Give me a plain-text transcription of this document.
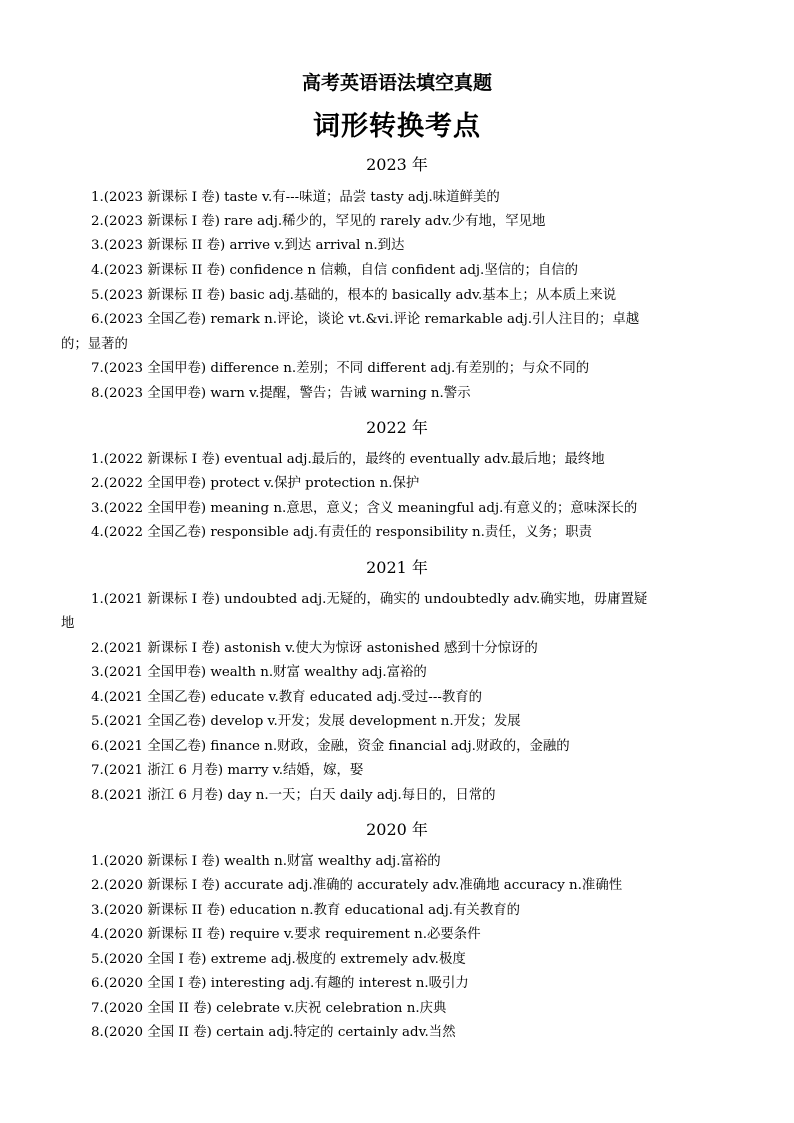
高考英语语法填空真题
词形转换考点
2023 年
1.(2023 新课标 I 卷) taste v.有---味道；品尝 tasty adj.味道鲜美的
2.(2023 新课标 I 卷) rare adj.稀少的，罕见的 rarely adv.少有地，罕见地
3.(2023 新课标 II 卷) arrive v.到达 arrival n.到达
4.(2023 新课标 II 卷) confidence n 信赖，自信 confident adj.坚信的；自信的
5.(2023 新课标 II 卷) basic adj.基础的，根本的 basically adv.基本上；从本质上来说
6.(2023 全国乙卷) remark n.评论，谈论 vt.&vi.评论 remarkable adj.引人注目的；卓越
的；显著的
7.(2023 全国甲卷) difference n.差别；不同 different adj.有差别的；与众不同的
8.(2023 全国甲卷) warn v.提醒，警告；告诫 warning n.警示
2022 年
1.(2022 新课标 I 卷) eventual adj.最后的，最终的 eventually adv.最后地；最终地
2.(2022 全国甲卷) protect v.保护 protection n.保护
3.(2022 全国甲卷) meaning n.意思，意义；含义 meaningful adj.有意义的；意味深长的
4.(2022 全国乙卷) responsible adj.有责任的 responsibility n.责任，义务；职责
2021 年
1.(2021 新课标 I 卷) undoubted adj.无疑的，确实的 undoubtedly adv.确实地，毋庸置疑
地
2.(2021 新课标 I 卷) astonish v.使大为惊讶 astonished 感到十分惊讶的
3.(2021 全国甲卷) wealth n.财富 wealthy adj.富裕的
4.(2021 全国乙卷) educate v.教育 educated adj.受过---教育的
5.(2021 全国乙卷) develop v.开发；发展 development n.开发；发展
6.(2021 全国乙卷) finance n.财政，金融，资金 financial adj.财政的，金融的
7.(2021 浙江 6 月卷) marry v.结婚，嫁，娶
8.(2021 浙江 6 月卷) day n.一天；白天 daily adj.每日的，日常的
2020 年
1.(2020 新课标 I 卷) wealth n.财富 wealthy adj.富裕的
2.(2020 新课标 I 卷) accurate adj.准确的 accurately adv.准确地 accuracy n.准确性
3.(2020 新课标 II 卷) education n.教育 educational adj.有关教育的
4.(2020 新课标 II 卷) require v.要求 requirement n.必要条件
5.(2020 全国 I 卷) extreme adj.极度的 extremely adv.极度
6.(2020 全国 I 卷) interesting adj.有趣的 interest n.吸引力
7.(2020 全国 II 卷) celebrate v.庆祝 celebration n.庆典
8.(2020 全国 II 卷) certain adj.特定的 certainly adv.当然
